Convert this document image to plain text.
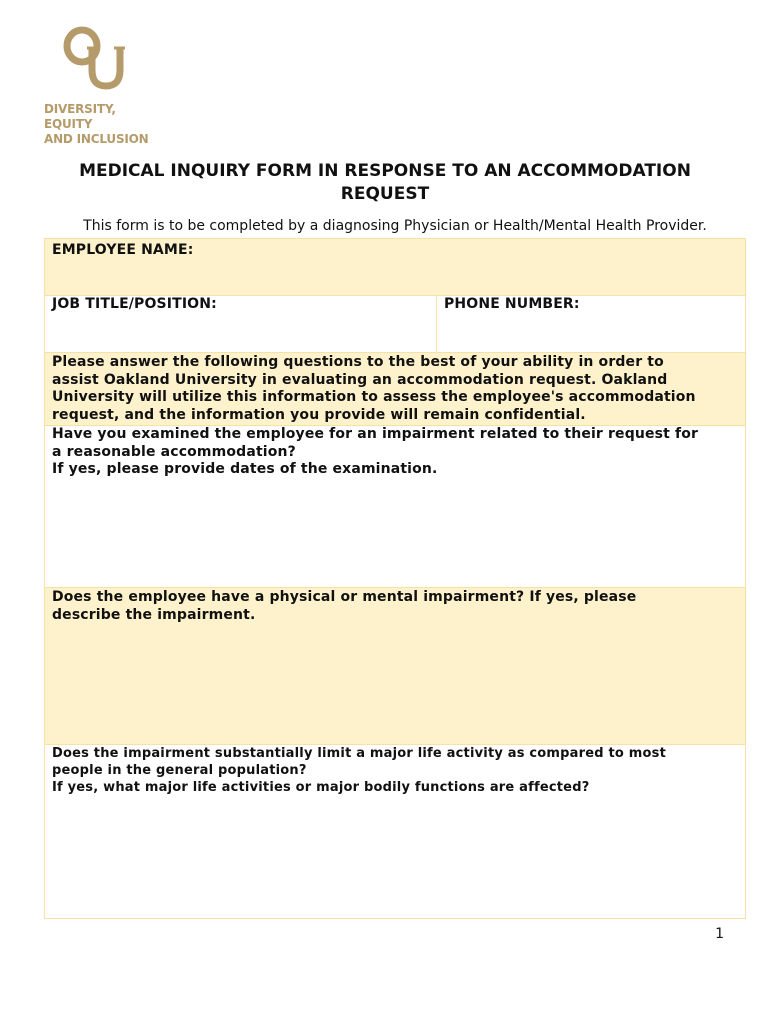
DIVERSITY, EQUITY
AND INCLUSION
MEDICAL INQUIRY FORM IN RESPONSE TO AN ACCOMMODATION
REQUEST
This form is to be completed by a diagnosing Physician or Health/Mental Health Provider.
EMPLOYEE NAME:
JOB TITLE/POSITION:	PHONE NUMBER:
Please answer the following questions to the best of your ability in order to
assist Oakland University in evaluating an accommodation request. Oakland
University will utilize this information to assess the employee's accommodation
request, and the information you provide will remain confidential.
Have you examined the employee for an impairment related to their request for
a reasonable accommodation?
If yes, please provide dates of the examination.
Does the employee have a physical or mental impairment? If yes, please
describe the impairment.
Does the impairment substantially limit a major life activity as compared to most
people in the general population?
If yes, what major life activities or major bodily functions are affected?
1
